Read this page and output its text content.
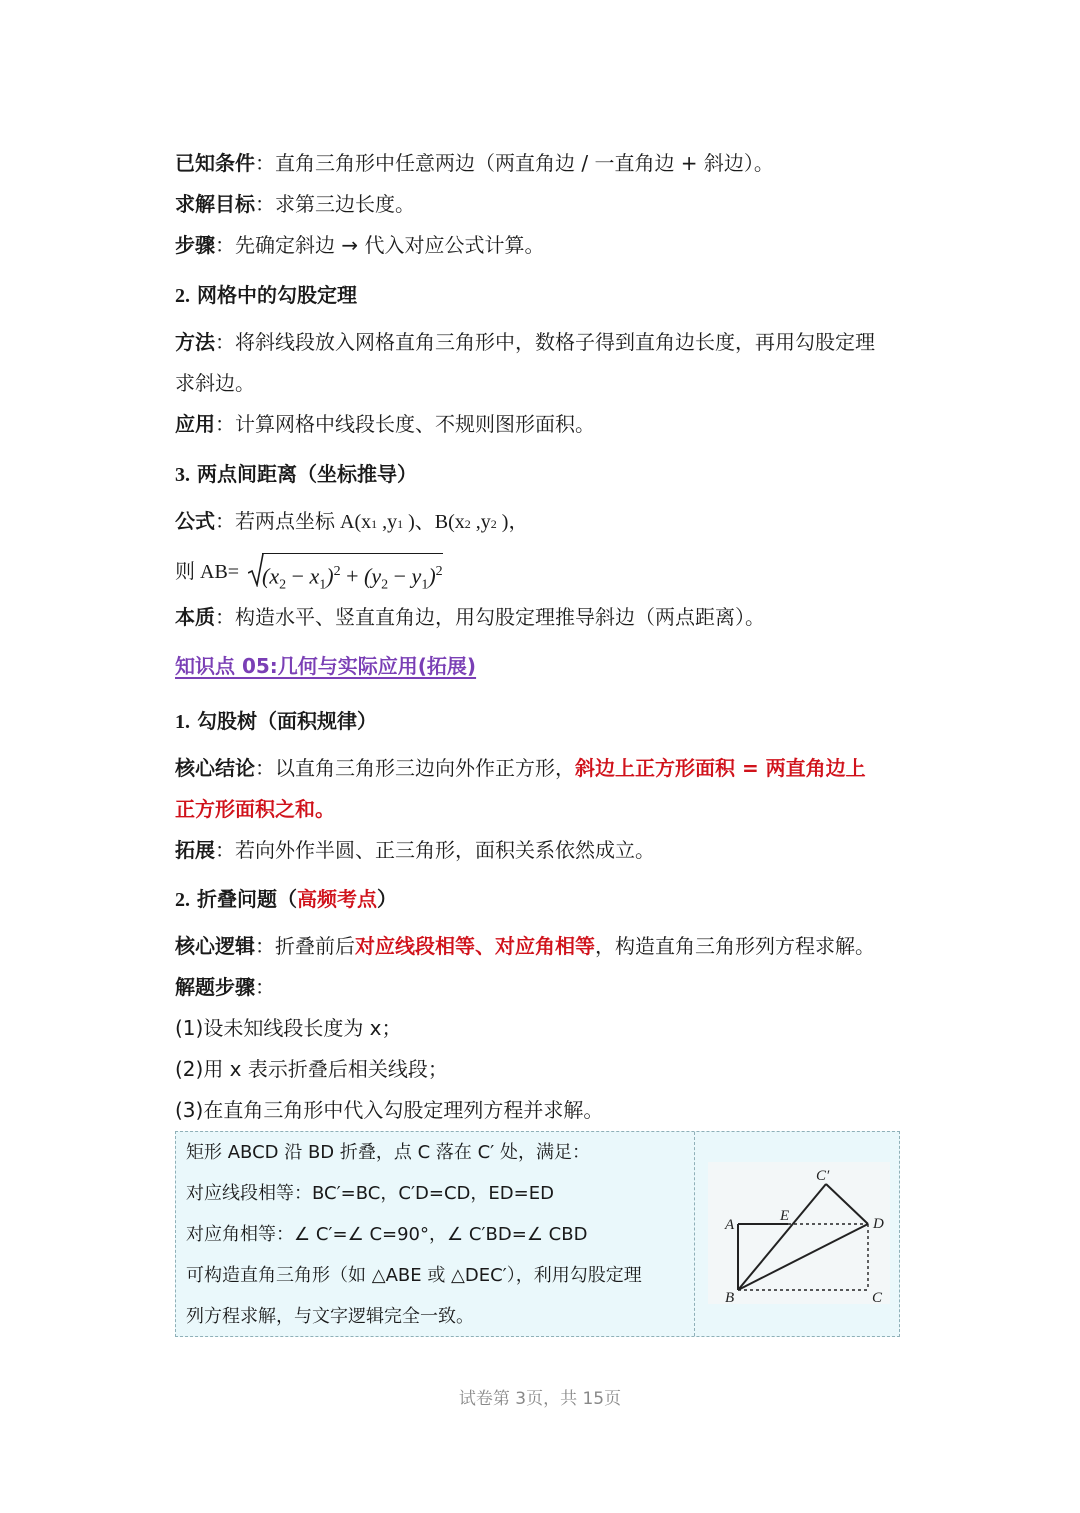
已知条件：直角三角形中任意两边（两直角边 / 一直角边 + 斜边）。
求解目标：求第三边长度。
步骤：先确定斜边 → 代入对应公式计算。
2. 网格中的勾股定理
方法：将斜线段放入网格直角三角形中，数格子得到直角边长度，再用勾股定理
求斜边。
应用：计算网格中线段长度、不规则图形面积。
3. 两点间距离（坐标推导）
公式：若两点坐标 A(x1 ,y1 )、B(x2 ,y2 )，
则 $AB= (x_2 - x_1)^2 + (y_2 - y_1)^2$
本质：构造水平、竖直直角边，用勾股定理推导斜边（两点距离）。
知识点 05:几何与实际应用(拓展)
1. 勾股树（面积规律）
核心结论：以直角三角形三边向外作正方形，斜边上正方形面积 = 两直角边上
正方形面积之和。
拓展：若向外作半圆、正三角形，面积关系依然成立。
2. 折叠问题（高频考点）
核心逻辑：折叠前后对应线段相等、对应角相等，构造直角三角形列方程求解。
解题步骤：
(1)设未知线段长度为 x；
(2)用 x 表示折叠后相关线段；
(3)在直角三角形中代入勾股定理列方程并求解。
矩形 ABCD 沿 BD 折叠，点 C 落在 C′ 处，满足：
对应线段相等：BC′=BC，C′D=CD，ED=ED
对应角相等：∠ C′=∠ C=90°，∠ C′BD=∠ CBD
可构造直角三角形（如 △ABE 或 △DEC′），利用勾股定理
列方程求解，与文字逻辑完全一致。
A
B	C
D
E
C′
试卷第 3页，共 15页
